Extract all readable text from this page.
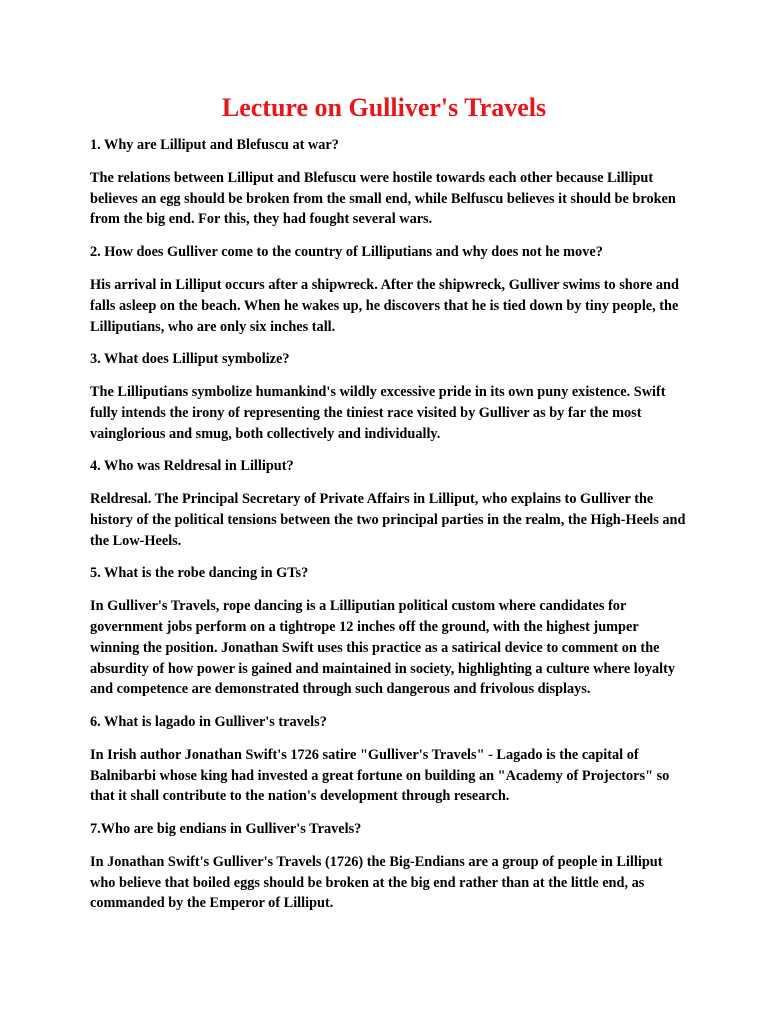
Lecture on Gulliver's Travels

1. Why are Lilliput and Blefuscu at war?

The relations between Lilliput and Blefuscu were hostile towards each other because Lilliput believes an egg should be broken from the small end, while Belfuscu believes it should be broken from the big end. For this, they had fought several wars.

2. How does Gulliver come to the country of Lilliputians and why does not he move?

His arrival in Lilliput occurs after a shipwreck. After the shipwreck, Gulliver swims to shore and falls asleep on the beach. When he wakes up, he discovers that he is tied down by tiny people, the Lilliputians, who are only six inches tall.

3. What does Lilliput symbolize?

The Lilliputians symbolize humankind's wildly excessive pride in its own puny existence. Swift fully intends the irony of representing the tiniest race visited by Gulliver as by far the most vainglorious and smug, both collectively and individually.

4. Who was Reldresal in Lilliput?

Reldresal. The Principal Secretary of Private Affairs in Lilliput, who explains to Gulliver the history of the political tensions between the two principal parties in the realm, the High-Heels and the Low-Heels.

5. What is the robe dancing in GTs?

In Gulliver's Travels, rope dancing is a Lilliputian political custom where candidates for government jobs perform on a tightrope 12 inches off the ground, with the highest jumper winning the position. Jonathan Swift uses this practice as a satirical device to comment on the absurdity of how power is gained and maintained in society, highlighting a culture where loyalty and competence are demonstrated through such dangerous and frivolous displays.

6. What is lagado in Gulliver's travels?

In Irish author Jonathan Swift's 1726 satire "Gulliver's Travels" - Lagado is the capital of Balnibarbi whose king had invested a great fortune on building an "Academy of Projectors" so that it shall contribute to the nation's development through research.

7.Who are big endians in Gulliver's Travels?

In Jonathan Swift's Gulliver's Travels (1726) the Big-Endians are a group of people in Lilliput who believe that boiled eggs should be broken at the big end rather than at the little end, as commanded by the Emperor of Lilliput.
